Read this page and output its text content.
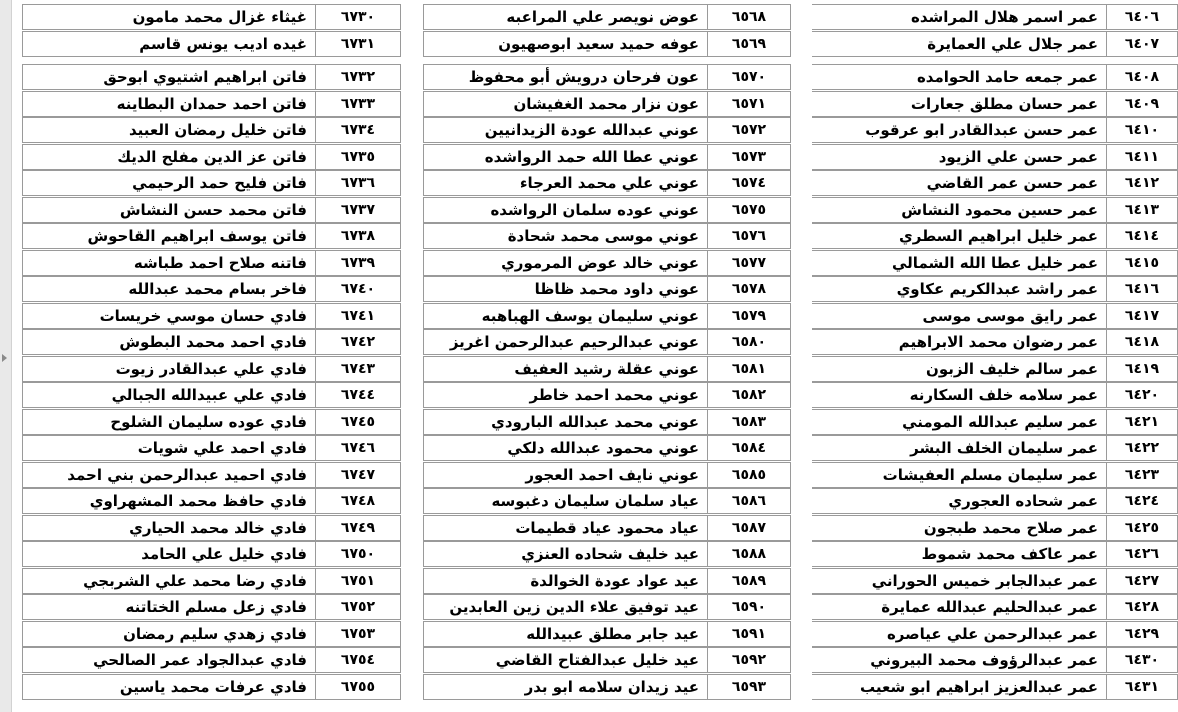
٦٤٠٦
عمر اسمر هلال المراشده
٦٤٠٧
عمر جلال علي العمايرة
٦٤٠٨
عمر جمعه حامد الحوامده
٦٤٠٩
عمر حسان مطلق جعارات
٦٤١٠
عمر حسن عبدالقادر ابو عرقوب
٦٤١١
عمر حسن علي الزيود
٦٤١٢
عمر حسن عمر القاضي
٦٤١٣
عمر حسين محمود النشاش
٦٤١٤
عمر خليل ابراهيم السطري
٦٤١٥
عمر خليل عطا الله الشمالي
٦٤١٦
عمر راشد عبدالكريم عكاوي
٦٤١٧
عمر رايق موسى موسى
٦٤١٨
عمر رضوان محمد الابراهيم
٦٤١٩
عمر سالم خليف الزبون
٦٤٢٠
عمر سلامه خلف السكارنه
٦٤٢١
عمر سليم عبدالله المومني
٦٤٢٢
عمر سليمان الخلف البشر
٦٤٢٣
عمر سليمان مسلم العفيشات
٦٤٢٤
عمر شحاده العجوري
٦٤٢٥
عمر صلاح محمد طبجون
٦٤٢٦
عمر عاكف محمد شموط
٦٤٢٧
عمر عبدالجابر خميس الحوراني
٦٤٢٨
عمر عبدالحليم عبدالله عمايرة
٦٤٢٩
عمر عبدالرحمن علي عياصره
٦٤٣٠
عمر عبدالرؤوف محمد البيروني
٦٤٣١
عمر عبدالعزيز ابراهيم ابو شعيب
٦٥٦٨
عوض نويصر علي المراعبه
٦٥٦٩
عوفه حميد سعيد ابوصهيون
٦٥٧٠
عون فرحان درويش أبو محفوظ
٦٥٧١
عون نزار محمد الغفيشان
٦٥٧٢
عوني عبدالله عودة الزيدانيين
٦٥٧٣
عوني عطا الله حمد الرواشده
٦٥٧٤
عوني علي محمد العرجاء
٦٥٧٥
عوني عوده سلمان الرواشده
٦٥٧٦
عوني موسى محمد شحادة
٦٥٧٧
عوني خالد عوض المرموري
٦٥٧٨
عوني داود محمد ظاظا
٦٥٧٩
عوني سليمان يوسف الهباهبه
٦٥٨٠
عوني عبدالرحيم عبدالرحمن اغريز
٦٥٨١
عوني عقلة رشيد العفيف
٦٥٨٢
عوني محمد احمد خاطر
٦٥٨٣
عوني محمد عبدالله البارودي
٦٥٨٤
عوني محمود عبدالله دلكي
٦٥٨٥
عوني نايف احمد العجور
٦٥٨٦
عياد سلمان سليمان دغبوسه
٦٥٨٧
عياد محمود عياد قطيمات
٦٥٨٨
عيد خليف شحاده العنزي
٦٥٨٩
عيد عواد عودة الخوالدة
٦٥٩٠
عيد توفيق علاء الدين زين العابدين
٦٥٩١
عيد جابر مطلق عبيدالله
٦٥٩٢
عيد خليل عبدالفتاح القاضي
٦٥٩٣
عيد زيدان سلامه ابو بدر
٦٧٣٠
غيثاء غزال محمد مامون
٦٧٣١
غيده اديب يونس قاسم
٦٧٣٢
فاتن ابراهيم اشتيوي ابوحق
٦٧٣٣
فاتن احمد حمدان البطاينه
٦٧٣٤
فاتن خليل رمضان العبيد
٦٧٣٥
فاتن عز الدين مفلح الديك
٦٧٣٦
فاتن فليح حمد الرحيمي
٦٧٣٧
فاتن محمد حسن النشاش
٦٧٣٨
فاتن يوسف ابراهيم القاحوش
٦٧٣٩
فاتنه صلاح احمد طباشه
٦٧٤٠
فاخر بسام محمد عبدالله
٦٧٤١
فادي حسان موسي خريسات
٦٧٤٢
فادي احمد محمد البطوش
٦٧٤٣
فادي علي عبدالقادر زيوت
٦٧٤٤
فادي علي عبيدالله الجبالي
٦٧٤٥
فادي عوده سليمان الشلوح
٦٧٤٦
فادي احمد علي شويات
٦٧٤٧
فادي احميد عبدالرحمن بني احمد
٦٧٤٨
فادي حافظ محمد المشهراوي
٦٧٤٩
فادي خالد محمد الحياري
٦٧٥٠
فادي خليل علي الحامد
٦٧٥١
فادي رضا محمد علي الشربجي
٦٧٥٢
فادي زعل مسلم الختاتنه
٦٧٥٣
فادي زهدي سليم رمضان
٦٧٥٤
فادي عبدالجواد عمر الصالحي
٦٧٥٥
فادي عرفات محمد ياسين
